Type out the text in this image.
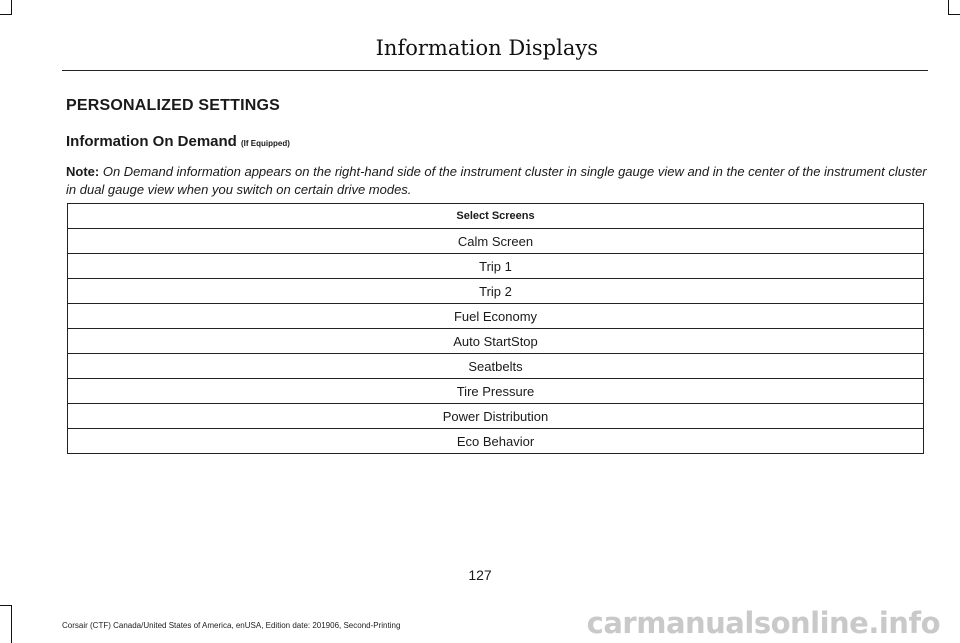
Information Displays
PERSONALIZED SETTINGS
Information On Demand (If Equipped)

Note: On Demand information appears on the right-hand side of the instrument cluster in single gauge view and in the center of the instrument cluster in dual gauge view when you switch on certain drive modes.

Select Screens
Calm Screen
Trip 1
Trip 2
Fuel Economy
Auto StartStop
Seatbelts
Tire Pressure
Power Distribution
Eco Behavior
127
Corsair (CTF) Canada/United States of America, enUSA, Edition date: 201906, Second-Printing	carmanualsonline.info
